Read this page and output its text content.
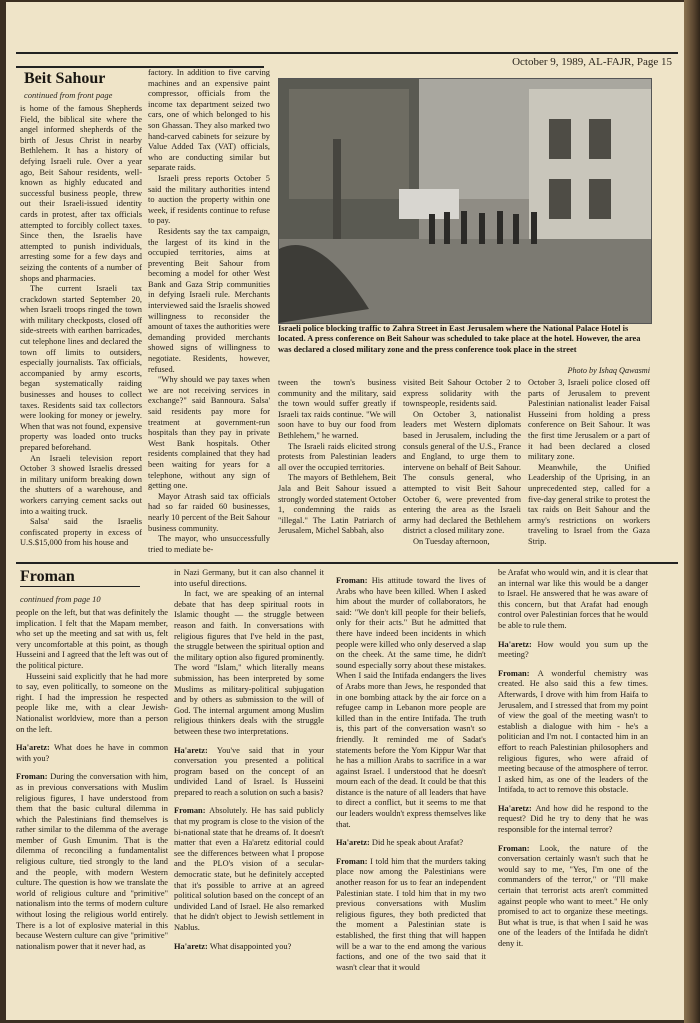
October 9, 1989, AL-FAJR, Page 15
Beit Sahour
continued from front page

is home of the famous Shepherds Field, the biblical site where the angel informed shepherds of the birth of Jesus Christ in nearby Bethlehem. It has a history of defying Israeli rule. Over a year ago, Beit Sahour residents, well-known as highly educated and successful business people, threw out their Israeli-issued identity cards in protest, after tax officials attempted to forcibly collect taxes. Since then, the Israelis have attempted to punish individuals, arresting some for a few days and seizing the contents of a number of shops and pharmacies.

The current Israeli tax crackdown started September 20, when Israeli troops ringed the town with military checkposts, closed off side-streets with earthen barricades, cut telephone lines and declared the town off limits to outsiders, especially journalists. Tax officials, accompanied by army escorts, began systematically raiding businesses and houses to collect taxes. Residents said tax collectors were looking for money or jewelry. When that was not found, expensive property was loaded onto trucks prepared beforehand.

An Israeli television report October 3 showed Israelis dressed in military uniform breaking down the shutters of a warehouse, and workers carrying cement sacks out into a waiting truck.

Salsa' said the Israelis confiscated property in excess of U.S.$15,000 from his house and

factory. In addition to five carving machines and an expensive paint compressor, officials from the income tax department seized two cars, one of which belonged to his son Ghassan. They also marked two hand-carved cabinets for seizure by Value Added Tax (VAT) officials, who are conducting similar but separate raids.

Israeli press reports October 5 said the military authorities intend to auction the property within one week, if residents continue to refuse to pay.

Residents say the tax campaign, the largest of its kind in the occupied territories, aims at preventing Beit Sahour from becoming a model for other West Bank and Gaza Strip communities in defying Israeli rule. Merchants interviewed said the Israelis showed willingness to reconsider the amount of taxes the authorities were demanding provided merchants showed signs of willingness to negotiate. Residents, however, refused.

"Why should we pay taxes when we are not receiving services in exchange?" said Bannoura. Salsa' said residents pay more for treatment at government-run hospitals than they pay in private West Bank hospitals. Other residents complained that they had been waiting for years for a telephone, without any sign of getting one.

Mayor Atrash said tax officials had so far raided 60 businesses, nearly 10 percent of the Beit Sahour business community.

The mayor, who unsuccessfully tried to mediate be-

Israeli police blocking traffic to Zahra Street in East Jerusalem where the National Palace Hotel is located. A press conference on Beit Sahour was scheduled to take place at the hotel. However, the area was declared a closed military zone and the press conference took place in the street
Photo by Ishaq Qawasmi

tween the town's business community and the military, said the town would suffer greatly if Israeli tax raids continue. "We will soon have to buy our food from Bethlehem," he warned.

The Israeli raids elicited strong protests from Palestinian leaders all over the occupied territories.

The mayors of Bethlehem, Beit Jala and Beit Sahour issued a strongly worded statement October 1, condemning the raids as "illegal." The Latin Patriarch of Jerusalem, Michel Sabbah, also

visited Beit Sahour October 2 to express solidarity with the townspeople, residents said.

On October 3, nationalist leaders met Western diplomats based in Jerusalem, including the consuls general of the U.S., France and England, to urge them to intervene on behalf of Beit Sahour. The consuls general, who attempted to visit Beit Sahour October 6, were prevented from entering the area as the Israeli army had declared the Bethlehem district a closed military zone.

On Tuesday afternoon,

October 3, Israeli police closed off parts of Jerusalem to prevent Palestinian nationalist leader Faisal Husseini from holding a press conference on Beit Sahour. It was the first time Jerusalem or a part of it had been declared a closed military zone.

Meanwhile, the Unified Leadership of the Uprising, in an unprecedented step, called for a five-day general strike to protest the tax raids on Beit Sahour and the army's restrictions on workers traveling to Israel from the Gaza Strip.

Froman
continued from page 10

people on the left, but that was definitely the implication. I felt that the Mapam member, who set up the meeting and sat with us, felt very uncomfortable at this point, as though Husseini and I agreed that the left was out of the political picture.

Husseini said explicitly that he had more to say, even politically, to someone on the right. I had the impression he respected people like me, with a clear Jewish-Nationalist worldview, more than a person on the left.

Ha'aretz: What does he have in common with you?

Froman: During the conversation with him, as in previous conversations with Muslim religious figures, I have understood from them that the basic cultural dilemma in which the Palestinians find themselves is rather similar to the dilemma of the average member of Gush Emunim. That is the dilemma of reconciling a fundamentalist religious culture, tied strongly to the land and the people, with modern Western culture. The question is how we translate the world of religious culture and "primitive" nationalism into the terms of modern culture without losing the religious world entirely. There is a lot of explosive material in this because Western culture can give "primitive" nationalism power that it never had, as

in Nazi Germany, but it can also channel it into useful directions.

In fact, we are speaking of an internal debate that has deep spiritual roots in Islamic thought — the struggle between reason and faith. In conversations with religious figures that I've held in the past, the struggle between the spiritual option and the military option also figured prominently. The word "Islam," which literally means submission, has been interpreted by some Muslims as military-political subjugation and by others as submission to the will of God. The internal argument among Muslim religious thinkers deals with the struggle between these two interpretations.

Ha'aretz: You've said that in your conversation you presented a political program based on the concept of an undivided Land of Israel. Is Husseini prepared to reach a solution on such a basis?

Froman: Absolutely. He has said publicly that my program is close to the vision of the bi-national state that he dreams of. It doesn't matter that even a Ha'aretz editorial could see the differences between what I propose and the PLO's vision of a secular-democratic state, but he definitely accepted that it's possible to arrive at an agreed political solution based on the concept of an undivided Land of Israel. He also remarked that he didn't object to Jewish settlement in Nablus.

Ha'aretz: What disappointed you?

Froman: His attitude toward the lives of Arabs who have been killed. When I asked him about the murder of collaborators, he said: "We don't kill people for their beliefs, only for their acts." But he admitted that there have indeed been incidents in which people were killed who only deserved a slap on the cheek. At the same time, he didn't sound especially sorry about these mistakes. When I said the Intifada endangers the lives of Arabs more than Jews, he responded that in one bombing attack by the air force on a refugee camp in Lebanon more people are killed than in the entire Intifada. The truth is, this part of the conversation wasn't so friendly. It reminded me of Sadat's statements before the Yom Kippur War that he has a million Arabs to sacrifice in a war against Israel. I understood that he doesn't mourn each of the dead. It could be that this distance is the nature of all leaders that have to direct a conflict, but it seems to me that our leaders wouldn't express themselves like that.

Ha'aretz: Did he speak about Arafat?

Froman: I told him that the murders taking place now among the Palestinians were another reason for us to fear an independent Palestinian state. I told him that in my two previous conversations with Muslim religious figures, they both predicted that the moment a Palestinian state is established, the first thing that will happen will be a war to the end among the various factions, and one of the two said that it wasn't clear that it would

be Arafat who would win, and it is clear that an internal war like this would be a danger to Israel. He answered that he was aware of this concern, but that Arafat had enough control over Palestinian forces that he would be able to rule them.

Ha'aretz: How would you sum up the meeting?

Froman: A wonderful chemistry was created. He also said this a few times. Afterwards, I drove with him from Haifa to Jerusalem, and I stressed that from my point of view the goal of the meeting wasn't to establish a dialogue with him - he's a politician and I'm not. I contacted him in an effort to reach Palestinian philosophers and religious figures, who were afraid of meeting because of the atmosphere of terror. I asked him, as one of the leaders of the Intifada, to act to remove this obstacle.

Ha'aretz: And how did he respond to the request? Did he try to deny that he was responsible for the internal terror?

Froman: Look, the nature of the conversation certainly wasn't such that he would say to me, "Yes, I'm one of the commanders of the terror," or "I'll make certain that terrorist acts aren't committed against people who want to meet." He only promised to act to organize these meetings. But what is true, is that when I said he was one of the leaders of the Intifada he didn't deny it.
